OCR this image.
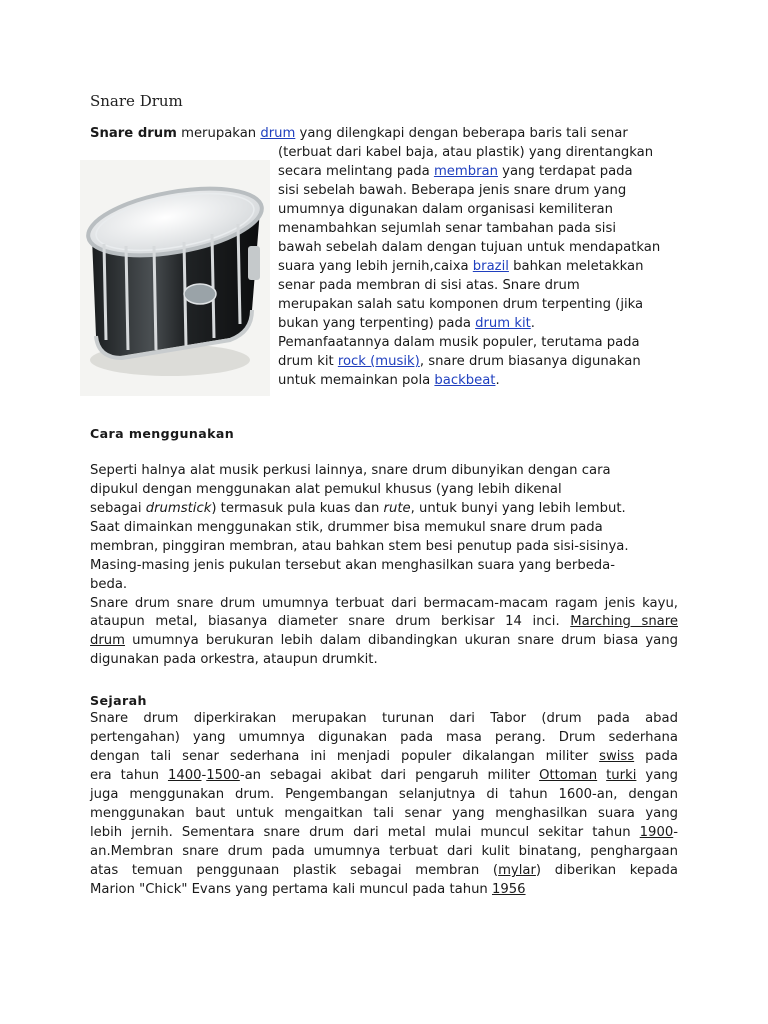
Snare Drum
Snare drum merupakan drum yang dilengkapi dengan beberapa baris tali senar
(terbuat dari kabel baja, atau plastik) yang direntangkan
secara melintang pada membran yang terdapat pada
sisi sebelah bawah. Beberapa jenis snare drum yang
umumnya digunakan dalam organisasi kemiliteran
menambahkan sejumlah senar tambahan pada sisi
bawah sebelah dalam dengan tujuan untuk mendapatkan
suara yang lebih jernih,caixa brazil bahkan meletakkan
senar pada membran di sisi atas. Snare drum
merupakan salah satu komponen drum terpenting (jika
bukan yang terpenting) pada drum kit.
Pemanfaatannya dalam musik populer, terutama pada
drum kit rock (musik), snare drum biasanya digunakan
untuk memainkan pola backbeat.
Cara menggunakan
Seperti halnya alat musik perkusi lainnya, snare drum dibunyikan dengan cara
dipukul dengan menggunakan alat pemukul khusus (yang lebih dikenal
sebagai drumstick) termasuk pula kuas dan rute, untuk bunyi yang lebih lembut.
Saat dimainkan menggunakan stik, drummer bisa memukul snare drum pada
membran, pinggiran membran, atau bahkan stem besi penutup pada sisi-sisinya.
Masing-masing jenis pukulan tersebut akan menghasilkan suara yang berbeda-
beda.
Snare drum snare drum umumnya terbuat dari bermacam-macam ragam jenis kayu,
ataupun metal, biasanya diameter snare drum berkisar 14 inci. Marching snare
drum umumnya berukuran lebih dalam dibandingkan ukuran snare drum biasa yang
digunakan pada orkestra, ataupun drumkit.
Sejarah
Snare drum diperkirakan merupakan turunan dari Tabor (drum pada abad
pertengahan) yang umumnya digunakan pada masa perang. Drum sederhana
dengan tali senar sederhana ini menjadi populer dikalangan militer swiss pada
era tahun 1400-1500-an sebagai akibat dari pengaruh militer Ottoman turki yang
juga menggunakan drum. Pengembangan selanjutnya di tahun 1600-an, dengan
menggunakan baut untuk mengaitkan tali senar yang menghasilkan suara yang
lebih jernih. Sementara snare drum dari metal mulai muncul sekitar tahun 1900-
an.Membran snare drum pada umumnya terbuat dari kulit binatang, penghargaan
atas temuan penggunaan plastik sebagai membran (mylar) diberikan kepada
Marion "Chick" Evans yang pertama kali muncul pada tahun 1956
